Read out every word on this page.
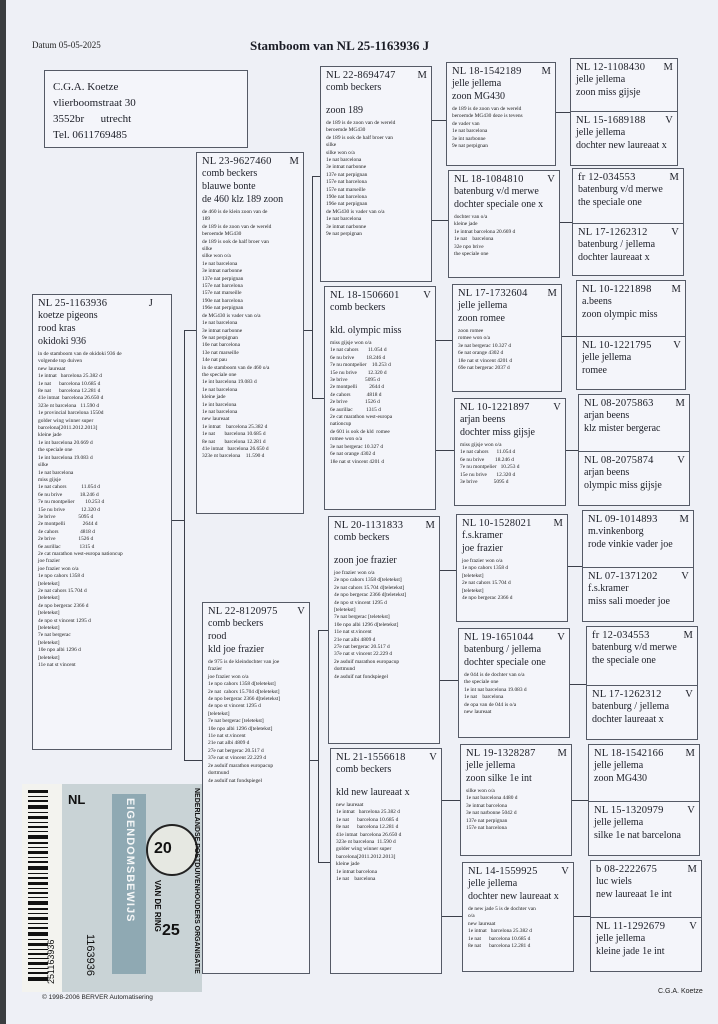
Datum 05-05-2025	Stamboom van NL 25-1163936 J
C.G.A. Koetze
vlierboomstraat 30
3552br utrecht
Tel. 0611769485
NL 25-1163936	J
koetze pigeons
rood kras
okidoki 936
in de stamboom van de okidoki 936 de
volgende top duiven
new laureaat
1e intnat   barcelona 25.382 d
1e nat      barcelona 10.685 d
8e nat      barcelona 12.281 d
41e intnat  barcelona 26.650 d
323e nt barcelona   11.590 d
1e provincial barcelona 1550d
golder wing winner super
barcelona[2011.2012.2013]
kleine jade
1e int barcelona 20.669 d
the speciale one
1e int barcelona 19.083 d
silke
1e nat barcelona
miss gijsje
1e nat cahors           11.054 d
6e nu brive             18.246 d
7e nu montpelier        10.253 d
15e nu brive            12.320 d
3e brive                 5095 d
2e montpelli             2644 d
4e cahors                4818 d
2e brive                 1526 d
6e aurillac              1315 d
2e cat marathon west-europa nationcup
joe frazier
joe frazier won o/a
1e npo cahors 1358 d
[teletekst]
2e nat cahors 15.704 d
[teletekst]
4e npo bergerac 2366 d
[teletekst]
4e npo st vincent 1295 d
[teletekst]
7e nat bergerac
[teletekst]
10e npo albi 1296 d
[teletekst]
11e nat st vincent
NL 23-9627460 M
comb beckers
blauwe bonte
de 460 klz 189 zoon
de 460 is de klein zoon van de
189
de 189 is de zoon van de wereld
beroemde MG430
de 189 is ook de half broer van
silke
silke won o/a
1e nat barcelona
3e intnat narbonne
137e nat perpignan
157e nat barcelona
157e nat marseille
190e nat barcelona
196e nat perpignan
de MG430 is vader van o/a
1e nat barcelona
3e intnat narbonne
9e nat perpignan
10e nat barcelona
13e nat marseille
14e nat pau
in de stamboom van de 460 o/a
the speciale one
1e int barcelona 19.083 d
1e nat barcelona
kleine jade
1e int barcelona
1e nat barcelona
new laureaat
1e intnat    barcelona 25.382 d
1e nat       barcelona 10.685 d
8e nat       barcelona 12.281 d
41e intnat   barcelona 26.650 d
323e nt barcelona    11.590 d
NL 22-8120975 V
comb beckers
rood
kld joe frazier
de 975 is de kleindochter van joe
frazier
joe frazier won o/a
1e npo cahors 1358 d[teletekst]
2e nat  cahors 15.704 d[teletekst]
4e npo bergerac 2366 d[teletekst]
4e npo st vincent 1295 d
[teletekst]
7e nat bergerac [teletekst]
10e npo albi 1296 d[teletekst]
11e nat st.vincent
21e nat albi 4809 d
27e nat bergerac 20.517 d
37e nat st vincent 22.229 d
2e asduif marathon europacup
dortmund
4e asduif nat fondspiegel
NL 22-8694747 M
comb beckers
zoon 189
de 189 is de zoon van de wereld
beroemde MG430
de 189 is ook de half broer van
silke
silke won o/a
1e nat barcelona
3e intnat narbonne
137e nat perpignan
157e nat barcelona
157e nat marseille
190e nat barcelona
196e nat perpignan
de MG430 is vader van o/a
1e nat barcelona
3e intnat narbonne
9e nat perpignan
NL 18-1506601 V
comb beckers
kld. olympic miss
miss gijsje won o/a
1e nat cahors       11.054 d
6e nu brive         18.246 d
7e nu montpelier    10.253 d
15e nu brive        12.320 d
3e brive             5095 d
2e montpelli         2644 d
4e cahors            4818 d
2e brive             1526 d
6e aurillac          1315 d
2e cat marathon west-europa
nationcup
de 601 is ook de kld  romee
romee won o/a
3e nat bergerac 10.327 d
6e nat orange 4302 d
18e nat st vincent 4201 d
NL 20-1131833 M
comb beckers
zoon joe frazier
joe frazier won o/a
2e npo cahors 1358 d[teletekst]
2e nat cahors 15.704 d[teletekst]
4e npo bergerac 2366 d[teletekst]
4e npo st vincent 1295 d
[teletekst]
7e nat bergerac [teletekst]
10e npo albi 1296 d[teletekst]
11e nat st.vincent
21e nat albi 4809 d
27e nat bergerac 20.517 d
37e nat st vincent 22.229 d
2e asduif marathon europacup
dortmund
4e asduif nat fondspiegel
NL 21-1556618 V
comb beckers
kld new laureaat x
new laureaat
1e intnat   barcelona 25.382 d
1e nat      barcelona 10.685 d
8e nat      barcelona 12.281 d
41e intnat  barcelona 26.650 d
323e nt barcelona  11.590 d
golder wing winner super
barcelona[2011.2012.2013]
kleine jade
1e intnat barcelona
1e nat    barcelona
NL 18-1542189 M
jelle jellema
zoon MG430
de 189 is de zoon van de wereld
beroemde MG430 deze is tevens
de vader van
1e nat barcelona
3e int narbonne
9e nat perpignan
NL 18-1084810 V
batenburg v/d merwe
dochter speciale one x
dochter van o/a
kleine jade
1e intnat barcelona 20.669 d
1e nat    barcelona
32e npo brive
the speciale one
NL 17-1732604 M
jelle jellema
zoon romee
zoon romee
romee won o/a
3e nat bergerac 10.327 d
6e nat orange 4302 d
18e nat st vincent 4201 d
69e nat bergerac 2037 d
NL 10-1221897 V
arjan beens
dochter miss gijsje
miss gijsje won o/a
1e nat cahors      11.054 d
6e nu brive        18.246 d
7e nu montpelier   10.253 d
15e nu brive       12.320 d
3e brive            5095 d
NL 10-1528021 M
f.s.kramer
joe frazier
joe frazier won o/a
1e npo cahors 1358 d
[teletekst]
2e nat cahors 15.704 d
[teletekst]
4e npo bergerac 2366 d
NL 19-1651044 V
batenburg / jellema
dochter speciale one
de 044 is de dochter van o/a
the speciale one
1e int nat barcelona 19.083 d
1e nat    barcelona
de opa van de 044 is o/a
new laureaat
NL 19-1328287 M
jelle jellema
zoon silke 1e int
silke won o/a
1e nat barcelona 4480 d
3e intnat barcelona
3e nat narbonne 5042 d
137e nat perpignan
157e nat barcelona
NL 14-1559925 V
jelle jellema
dochter new laureaat x
de new jade 5 is de dochter van
o/a
new laureaat
1e intnat   barcelona 25.382 d
1e nat      barcelona 10.685 d
8e nat      barcelona 12.281 d
NL 12-1108430 M
jelle jellema
zoon miss gijsje
NL 15-1689188 V
jelle jellema
dochter new laureaat x
fr 12-034553	M
batenburg v/d merwe
the speciale one
NL 17-1262312 V
batenburg / jellema
dochter laureaat x
NL 10-1221898 M
a.beens
zoon olympic miss
NL 10-1221795 V
jelle jellema
romee
NL 08-2075863 M
arjan beens
klz mister bergerac
NL 08-2075874 V
arjan beens
olympic miss gijsje
NL 09-1014893 M
m.vinkenborg
rode vinkie vader joe
NL 07-1371202 V
f.s.kramer
miss sali moeder joe
fr 12-034553	M
batenburg v/d merwe
the speciale one
NL 17-1262312 V
batenburg / jellema
dochter laureaat x
NL 18-1542166 M
jelle jellema
zoon MG430
NL 15-1320979 V
jelle jellema
silke 1e nat barcelona
b 08-2222675	M
luc wiels
new laureaat 1e int
NL 11-1292679 V
jelle jellema
kleine jade 1e int
251163936
NL
1163936
EIGENDOMSBEWIJS 20
25
VAN DE RING	NEDERLANDSE POSTDUIVENHOUDERS ORGANISATIE
© 1998-2006 BERVER Automatisering
C.G.A. Koetze
